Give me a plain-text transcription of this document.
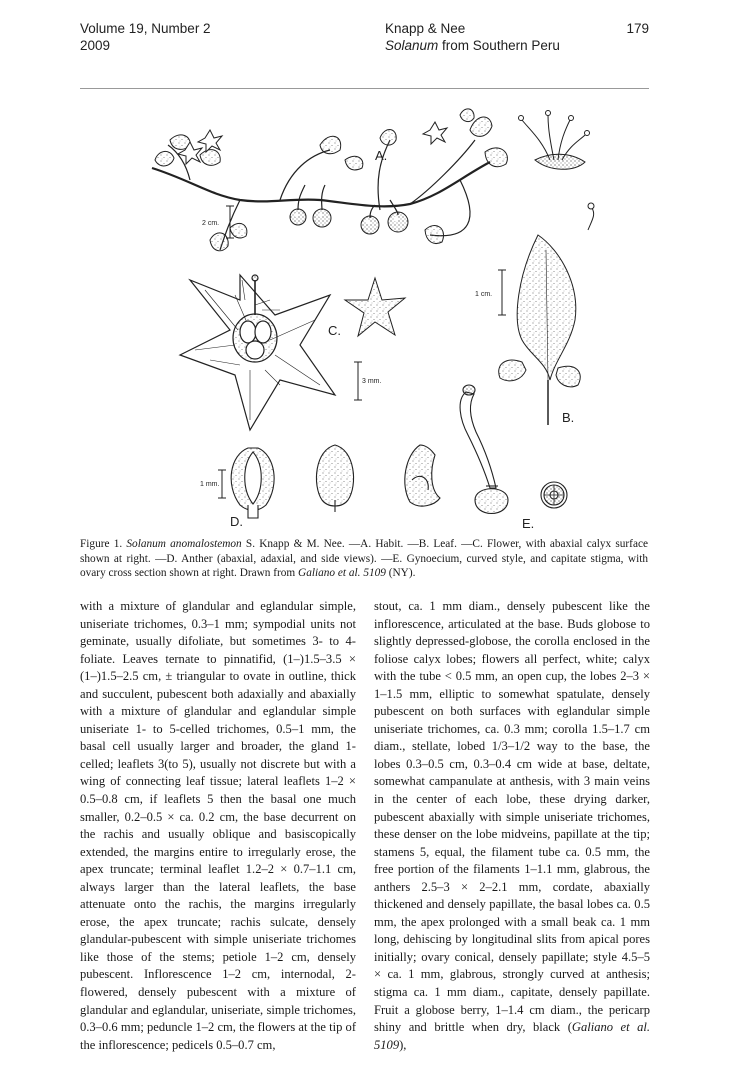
Volume 19, Number 2
2009
Knapp & Nee
Solanum from Southern Peru
179
A.
2 cm.
C.
3 mm.
1 cm.
B.
1 mm.
D.	E.
Figure 1. Solanum anomalostemon S. Knapp & M. Nee. —A. Habit. —B. Leaf. —C. Flower, with abaxial calyx surface shown at right. —D. Anther (abaxial, adaxial, and side views). —E. Gynoecium, curved style, and capitate stigma, with ovary cross section shown at right. Drawn from Galiano et al. 5109 (NY).

with a mixture of glandular and eglandular simple, uniseriate trichomes, 0.3–1 mm; sympodial units not geminate, usually difoliate, but sometimes 3- to 4-foliate. Leaves ternate to pinnatifid, (1–)1.5–3.5 × (1–)1.5–2.5 cm, ± triangular to ovate in outline, thick and succulent, pubescent both adaxially and abaxially with a mixture of glandular and eglandular simple uniseriate 1- to 5-celled trichomes, 0.5–1 mm, the basal cell usually larger and broader, the gland 1-celled; leaflets 3(to 5), usually not discrete but with a wing of connecting leaf tissue; lateral leaflets 1–2 × 0.5–0.8 cm, if leaflets 5 then the basal one much smaller, 0.2–0.5 × ca. 0.2 cm, the base decurrent on the rachis and usually oblique and basiscopically extended, the margins entire to irregularly erose, the apex truncate; terminal leaflet 1.2–2 × 0.7–1.1 cm, always larger than the lateral leaflets, the base attenuate onto the rachis, the margins irregularly erose, the apex truncate; rachis sulcate, densely glandular-pubescent with simple uniseriate trichomes like those of the stems; petiole 1–2 cm, densely pubescent. Inflorescence 1–2 cm, internodal, 2-flowered, densely pubescent with a mixture of glandular and eglandular, uniseriate, simple trichomes, 0.3–0.6 mm; peduncle 1–2 cm, the flowers at the tip of the inflorescence; pedicels 0.5–0.7 cm,

stout, ca. 1 mm diam., densely pubescent like the inflorescence, articulated at the base. Buds globose to slightly depressed-globose, the corolla enclosed in the foliose calyx lobes; flowers all perfect, white; calyx with the tube < 0.5 mm, an open cup, the lobes 2–3 × 1–1.5 mm, elliptic to somewhat spatulate, densely pubescent on both surfaces with eglandular simple uniseriate trichomes, ca. 0.3 mm; corolla 1.5–1.7 cm diam., stellate, lobed 1/3–1/2 way to the base, the lobes 0.3–0.5 cm, 0.3–0.4 cm wide at base, deltate, somewhat campanulate at anthesis, with 3 main veins in the center of each lobe, these drying darker, pubescent abaxially with simple uniseriate trichomes, these denser on the lobe midveins, papillate at the tip; stamens 5, equal, the filament tube ca. 0.5 mm, the free portion of the filaments 1–1.1 mm, glabrous, the anthers 2.5–3 × 2–2.1 mm, cordate, abaxially thickened and densely papillate, the basal lobes ca. 0.5 mm, the apex prolonged with a small beak ca. 1 mm long, dehiscing by longitudinal slits from apical pores initially; ovary conical, densely papillate; style 4.5–5 × ca. 1 mm, glabrous, strongly curved at anthesis; stigma ca. 1 mm diam., capitate, densely papillate. Fruit a globose berry, 1–1.4 cm diam., the pericarp shiny and brittle when dry, black (Galiano et al. 5109),
